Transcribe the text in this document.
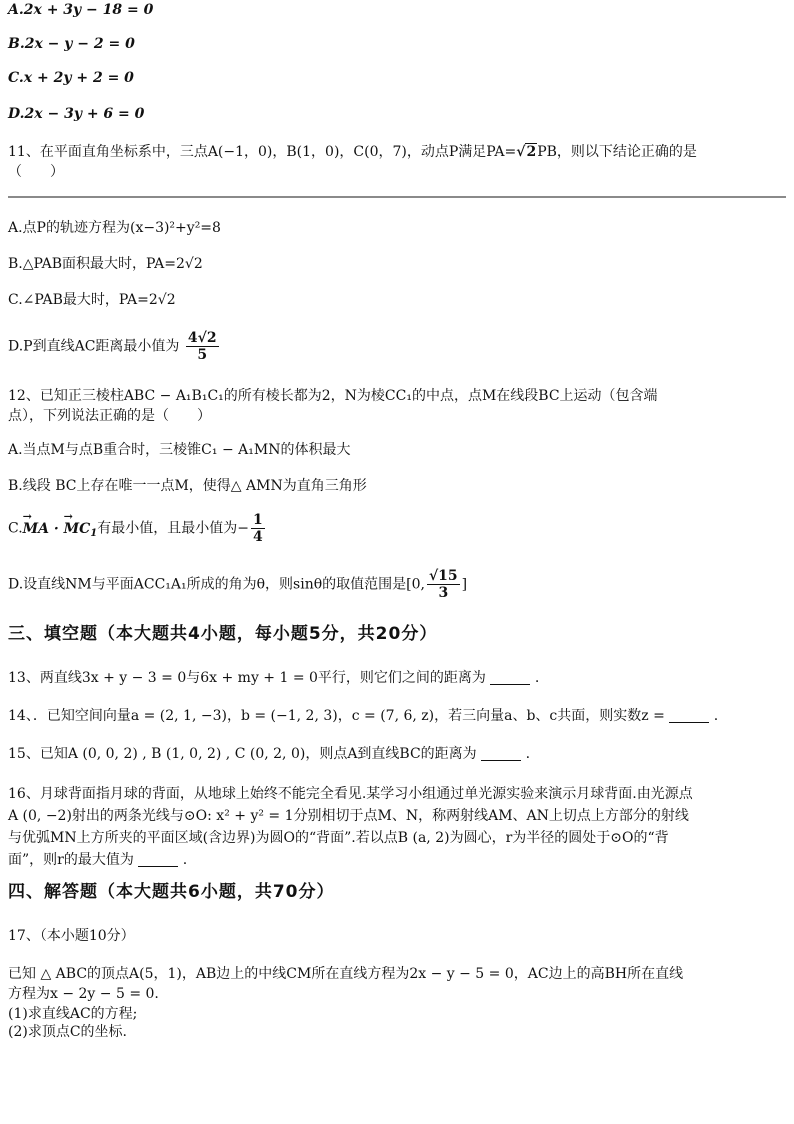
A.2x + 3y − 18 = 0
B.2x − y − 2 = 0
C.x + 2y + 2 = 0
D.2x − 3y + 6 = 0
11、在平面直角坐标系中，三点A(−1，0)，B(1，0)，C(0，7)，动点P满足PA=√2PB，则以下结论正确的是
（　　）
A.点P的轨迹方程为(x−3)²+y²=8
B.△PAB面积最大时，PA=2√2
C.∠PAB最大时，PA=2√2
D.P到直线AC距离最小值为 $\frac{4√2}{5}$
12、已知正三棱柱ABC − A₁B₁C₁的所有棱长都为2，N为棱CC₁的中点，点M在线段BC上运动（包含端
点），下列说法正确的是（　　）
A.当点M与点B重合时，三棱锥C₁ − A₁MN的体积最大
B.线段 BC上存在唯一一点M，使得△ AMN为直角三角形
C.→ MA · → $MC_1$有最小值，且最小值为− $\frac{1}{4}$
D.设直线NM与平面ACC₁A₁所成的角为θ，则sinθ的取值范围是[0, $\frac{√15}{3}$ ]
三、填空题（本大题共4小题，每小题5分，共20分）
13、两直线3x + y − 3 = 0与6x + my + 1 = 0平行，则它们之间的距离为	.
14、．已知空间向量a = (2, 1, −3)，b = (−1, 2, 3)，c = (7, 6, z)，若三向量a、b、c共面，则实数z =	.
15、已知A (0, 0, 2) , B (1, 0, 2) , C (0, 2, 0)，则点A到直线BC的距离为	.
16、月球背面指月球的背面，从地球上始终不能完全看见.某学习小组通过单光源实验来演示月球背面.由光源点
A (0, −2)射出的两条光线与⊙O: x² + y² = 1分别相切于点M、N，称两射线AM、AN上切点上方部分的射线
与优弧MN上方所夹的平面区域(含边界)为圆O的“背面”.若以点B (a, 2)为圆心，r为半径的圆处于⊙O的“背
面”，则r的最大值为	.
四、解答题（本大题共6小题，共70分）
17、（本小题10分）
已知 △ ABC的顶点A(5，1)，AB边上的中线CM所在直线方程为2x − y − 5 = 0，AC边上的高BH所在直线
方程为x − 2y − 5 = 0.
(1)求直线AC的方程;
(2)求顶点C的坐标.
